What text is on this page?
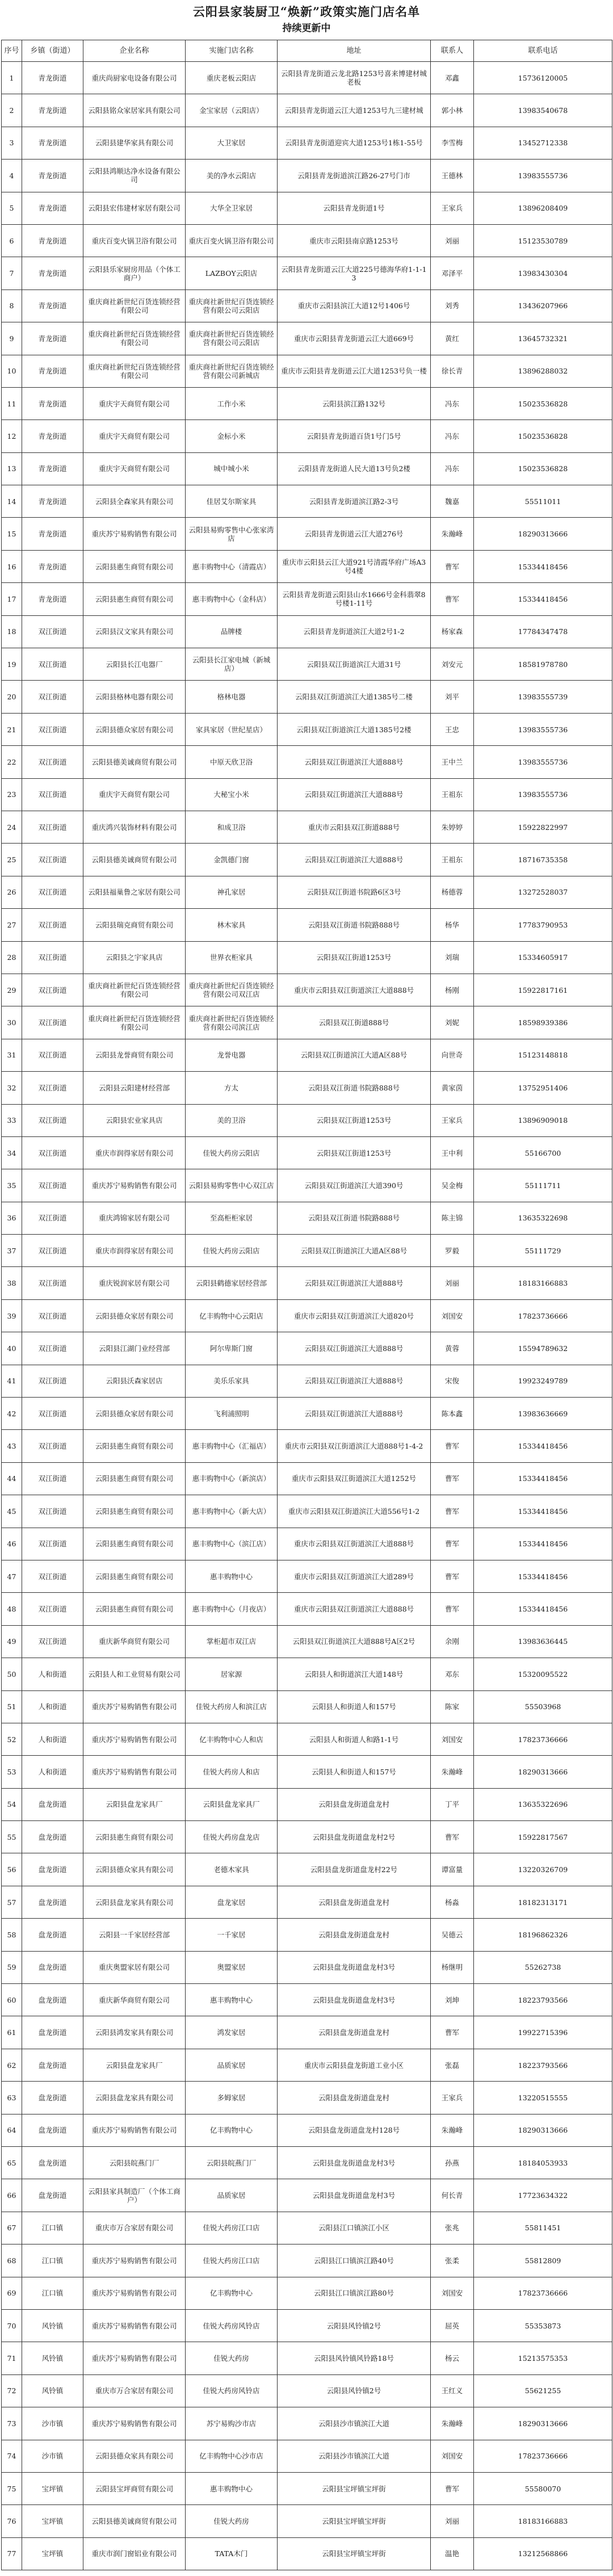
云阳县家装厨卫“焕新”政策实施门店名单
持续更新中
序号	乡镇（街道）	企业名称	实施门店名称	地址	联系人	联系电话
1	青龙街道	重庆尚厨家电设备有限公司	重庆老板云阳店	云阳县青龙街道云龙北路1253号喜来博建材城老板	邓鑫	15736120005
2	青龙街道	云阳县铭众家居家具有限公司	金宝家居（云阳店）	云阳县青龙街道云江大道1253号九三建材城	郭小林	13983540678
3	青龙街道	云阳县建华家具有限公司	大卫家居	云阳县青龙街道迎宾大道1253号1栋1-55号	李雪梅	13452712338
4	青龙街道	云阳县鸿顺达净水设备有限公司	美的净水云阳店	云阳县青龙街道滨江路26-27号门市	王德林	13983555736
5	青龙街道	云阳县宏伟建材家居有限公司	大华全卫家居	云阳县青龙街道1号	王家兵	13896208409
6	青龙街道	重庆百变火锅卫浴有限公司	重庆百变火锅卫浴有限公司	重庆市云阳县南京路1253号	刘丽	15123530789
7	青龙街道	云阳县乐家厨房用品（个体工商户）	LAZBOY云阳店	云阳县青龙街道云江大道225号德海华府1-1-13	邓泽平	13983430304
8	青龙街道	重庆商社新世纪百货连锁经营有限公司	重庆商社新世纪百货连锁经营有限公司云阳店	重庆市云阳县滨江大道12号1406号	刘秀	13436207966
9	青龙街道	重庆商社新世纪百货连锁经营有限公司	重庆商社新世纪百货连锁经营有限公司云阳店	重庆市云阳县青龙街道云江大道669号	黄红	13645732321
10	青龙街道	重庆商社新世纪百货连锁经营有限公司	重庆商社新世纪百货连锁经营有限公司新城店	重庆市云阳县青龙街道云江大道1253号负一楼	徐长青	13896288032
11	青龙街道	重庆宇天商贸有限公司	工作小米	云阳县滨江路132号	冯东	15023536828
12	青龙街道	重庆宇天商贸有限公司	金标小米	云阳县青龙街道百货1号门5号	冯东	15023536828
13	青龙街道	重庆宇天商贸有限公司	城中城小米	云阳县青龙街道人民大道13号负2楼	冯东	15023536828
14	青龙街道	云阳县全森家具有限公司	佳居艾尔斯家具	云阳县青龙街道滨江路2-3号	魏嘉	55511011
15	青龙街道	重庆苏宁易购销售有限公司	云阳县易购零售中心张家湾店	云阳县青龙街道云江大道276号	朱瀚峰	18290313666
16	青龙街道	云阳县惠生商贸有限公司	惠丰购物中心（清霞店）	重庆市云阳县云江大道921号清霞华府广场A3号4楼	曹军	15334418456
17	青龙街道	云阳县惠生商贸有限公司	惠丰购物中心（金科店）	云阳县青龙街道云阳县山水1666号金科翡翠8号楼1-11号	曹军	15334418456
18	双江街道	云阳县汉文家具有限公司	品牌楼	云阳县青龙街道滨江大道2号1-2	杨家森	17784347478
19	双江街道	云阳县长江电器厂	云阳县长江家电城（新城店）	云阳县双江街道滨江大道31号	刘安元	18581978780
20	双江街道	云阳县格林电器有限公司	格林电器	云阳县双江街道滨江大道1385号二楼	刘平	13983555739
21	双江街道	云阳县德众家居有限公司	家具家居（世纪星店）	云阳县双江街道滨江大道1385号2楼	王忠	13983555736
22	双江街道	云阳县德美诚商贸有限公司	中原天欣卫浴	云阳县双江街道滨江大道888号	王中兰	13983555736
23	双江街道	重庆宇天商贸有限公司	大秘宝小米	云阳县双江街道滨江大道888号	王祖东	13983555736
24	双江街道	重庆鸿兴装饰材料有限公司	和成卫浴	重庆市云阳县双江街道888号	朱婷婷	15922822997
25	双江街道	云阳县德美诚商贸有限公司	金凯德门窗	云阳县双江街道滨江大道888号	王祖东	18716735358
26	双江街道	云阳县福巢鲁之家居有限公司	神孔家居	云阳县双江街道书院路6区3号	杨德蓉	13272528037
27	双江街道	云阳县瑞克商贸有限公司	林木家具	云阳县双江街道书院路888号	杨华	17783790953
28	双江街道	云阳县之宇家具店	世界衣柜家具	云阳县双江街道1253号	刘瑞	15334605917
29	双江街道	重庆商社新世纪百货连锁经营有限公司	重庆商社新世纪百货连锁经营有限公司双江店	重庆市云阳县双江街道滨江大道888号	杨刚	15922817161
30	双江街道	重庆商社新世纪百货连锁经营有限公司	重庆商社新世纪百货连锁经营有限公司滨江店	云阳县双江街道888号	刘妮	18598939386
31	双江街道	云阳县龙誉商贸有限公司	龙誉电器	云阳县双江街道滨江大道A区88号	向世奇	15123148818
32	双江街道	云阳县云阳建材经营部	方太	云阳县双江街道书院路888号	黄家茵	13752951406
33	双江街道	云阳县宏业家具店	美的卫浴	云阳县双江街道1253号	王家兵	13896909018
34	双江街道	重庆市润得家居有限公司	佳锐大药房云阳店	云阳县双江街道1253号	王中利	55166700
35	双江街道	重庆苏宁易购销售有限公司	云阳县易购零售中心双江店	云阳县双江街道滨江大道390号	吴金梅	55111711
36	双江街道	重庆鸿锦家居有限公司	至高柜柜家居	云阳县双江街道书院路888号	陈主锦	13635322698
37	双江街道	重庆市润得家居有限公司	佳锐大药房云阳店	云阳县双江街道滨江大道A区88号	罗毅	55111729
38	双江街道	重庆锐润家居有限公司	云阳县鹤德家居经营部	云阳县双江街道滨江大道888号	刘丽	18183166883
39	双江街道	云阳县德众家居有限公司	亿丰购物中心云阳店	重庆市云阳县双江街道滨江大道820号	刘国安	17823736666
40	双江街道	云阳县江湖门业经营部	阿尔卑斯门窗	云阳县双江街道滨江大道888号	黄蓉	15594789632
41	双江街道	云阳县沃森家居店	美乐乐家具	云阳县双江街道滨江大道888号	宋俊	19923249789
42	双江街道	云阳县德众家居有限公司	飞利浦照明	云阳县双江街道滨江大道888号	陈本鑫	13983636669
43	双江街道	云阳县惠生商贸有限公司	惠丰购物中心（汇福店）	重庆市云阳县双江街道滨江大道888号1-4-2	曹军	15334418456
44	双江街道	云阳县惠生商贸有限公司	惠丰购物中心（新滨店）	重庆市云阳县双江街道滨江大道1252号	曹军	15334418456
45	双江街道	云阳县惠生商贸有限公司	惠丰购物中心（新大店）	重庆市云阳县双江街道滨江大道556号1-2	曹军	15334418456
46	双江街道	云阳县惠生商贸有限公司	惠丰购物中心（滨江店）	重庆市云阳县双江街道滨江大道888号	曹军	15334418456
47	双江街道	云阳县惠生商贸有限公司	惠丰购物中心	重庆市云阳县双江街道滨江大道289号	曹军	15334418456
48	双江街道	云阳县惠生商贸有限公司	惠丰购物中心（月夜店）	重庆市云阳县双江街道滨江大道888号	曹军	15334418456
49	双江街道	重庆新华商贸有限公司	掌柜超市双江店	云阳县双江街道滨江大道888号A区2号	余刚	13983636445
50	人和街道	云阳县人和工业贸易有限公司	居家源	云阳县人和街道滨江大道148号	邓东	15320095522
51	人和街道	重庆苏宁易购销售有限公司	佳锐大药房人和滨江店	云阳县人和街道人和157号	陈家	55503968
52	人和街道	重庆苏宁易购销售有限公司	亿丰购物中心人和店	云阳县人和街道人和路1-1号	刘国安	17823736666
53	人和街道	重庆苏宁易购销售有限公司	佳锐大药房人和店	云阳县人和街道人和157号	朱瀚峰	18290313666
54	盘龙街道	云阳县盘龙家具厂	云阳县盘龙家具厂	云阳县盘龙街道盘龙村	丁平	13635322696
55	盘龙街道	云阳县惠生商贸有限公司	佳锐大药房盘龙店	云阳县盘龙街道盘龙村2号	曹军	15922817567
56	盘龙街道	云阳县德众家具有限公司	老德木家具	云阳县盘龙街道盘龙村22号	谭富量	13220326709
57	盘龙街道	云阳县盘龙家具有限公司	盘龙家居	云阳县盘龙街道盘龙村	杨淼	18182313171
58	盘龙街道	云阳县一千家居经营部	一千家居	云阳县盘龙街道盘龙村	吴德云	18196862326
59	盘龙街道	重庆奥盟家居有限公司	奥盟家居	云阳县盘龙街道盘龙村3号	杨继明	55262738
60	盘龙街道	重庆新华商贸有限公司	惠丰购物中心	云阳县盘龙街道盘龙村3号	刘坤	18223793566
61	盘龙街道	云阳县鸿发家具有限公司	鸿发家居	云阳县盘龙街道盘龙村	曹军	19922715396
62	盘龙街道	云阳县盘龙家具厂	品质家居	重庆市云阳县盘龙街道工业小区	张磊	18223793566
63	盘龙街道	云阳县盘龙家具有限公司	多姆家居	云阳县盘龙街道盘龙村	王家兵	13220515555
64	盘龙街道	重庆苏宁易购销售有限公司	亿丰购物中心	云阳县盘龙街道盘龙村128号	朱瀚峰	18290313666
65	盘龙街道	云阳县皖燕门厂	云阳县皖燕门厂	云阳县盘龙街道盘龙村3号	孙燕	18184053933
66	盘龙街道	云阳县家具制造厂（个体工商户）	品质家居	云阳县盘龙街道盘龙村3号	何长青	17723634322
67	江口镇	重庆市万合家居有限公司	佳锐大药房江口店	云阳县江口镇滨江小区	张兆	55811451
68	江口镇	重庆苏宁易购销售有限公司	佳锐大药房江口店	云阳县江口镇滨江路40号	张柔	55812809
69	江口镇	重庆苏宁易购销售有限公司	亿丰购物中心	云阳县江口镇滨江路80号	刘国安	17823736666
70	风铃镇	重庆苏宁易购销售有限公司	佳锐大药房风铃店	云阳县风铃镇2号	屈英	55353873
71	风铃镇	重庆苏宁易购销售有限公司	佳锐大药房	云阳县风铃镇风铃路18号	杨云	15213575353
72	风铃镇	重庆市万合家居有限公司	佳锐大药房风铃店	云阳县风铃镇2号	王红义	55621255
73	沙市镇	重庆苏宁易购销售有限公司	苏宁易购沙市店	云阳县沙市镇滨江大道	朱瀚峰	18290313666
74	沙市镇	云阳县德众家具有限公司	亿丰购物中心沙市店	云阳县沙市镇滨江大道	刘国安	17823736666
75	宝坪镇	云阳县宝坪商贸有限公司	惠丰购物中心	云阳县宝坪镇宝坪街	曹军	55580070
76	宝坪镇	云阳县德美诚商贸有限公司	佳锐大药房	云阳县宝坪镇宝坪街	刘丽	18183166883
77	宝坪镇	重庆市润门窗铝业有限公司	TATA木门	云阳县宝坪镇宝坪街	温艳	13212568866
